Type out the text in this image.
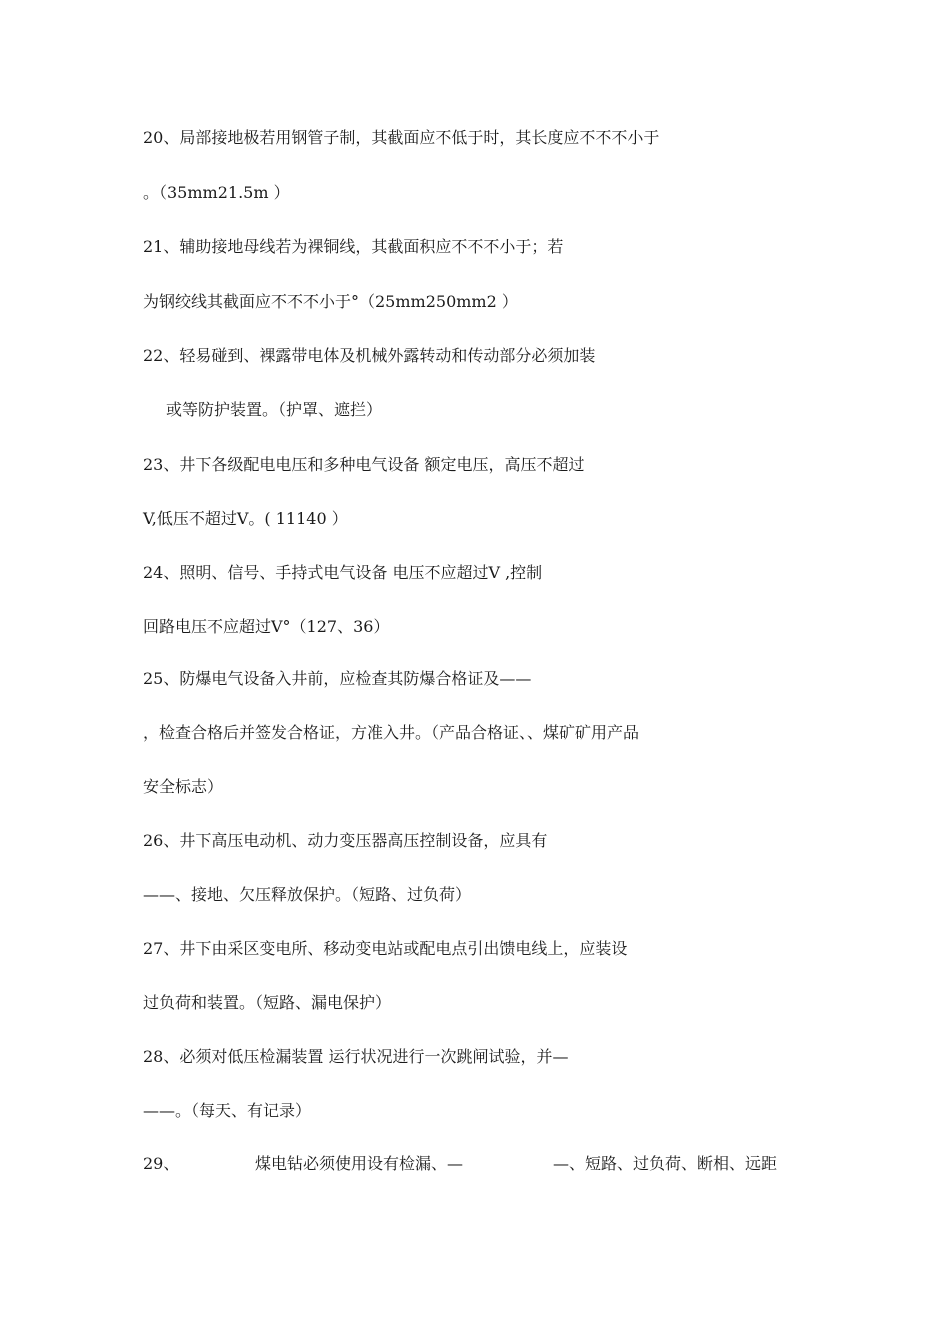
20、局部接地极若用钢管子制，其截面应不低于时，其长度应不不不小于
。（35mm21.5m ）
21、辅助接地母线若为裸铜线，其截面积应不不不小于；若
为钢绞线其截面应不不不小于°（25mm250mm2 ）
22、轻易碰到、裸露带电体及机械外露转动和传动部分必须加装
或等防护装置。（护罩、遮拦）
23、井下各级配电电压和多种电气设备 额定电压，高压不超过
V,低压不超过V。( 11140 ）
24、照明、信号、手持式电气设备 电压不应超过V ,控制
回路电压不应超过V°（127、36）
25、防爆电气设备入井前，应检查其防爆合格证及——
，检查合格后并签发合格证，方准入井。（产品合格证、、煤矿矿用产品
安全标志）
26、井下高压电动机、动力变压器高压控制设备，应具有
——、接地、欠压释放保护。（短路、过负荷）
27、井下由采区变电所、移动变电站或配电点引出馈电线上，应装设
过负荷和装置。（短路、漏电保护）
28、必须对低压检漏装置 运行状况进行一次跳闸试验，并—
——。（每天、有记录）
29、	煤电钻必须使用设有检漏、—	—、短路、过负荷、断相、远距
